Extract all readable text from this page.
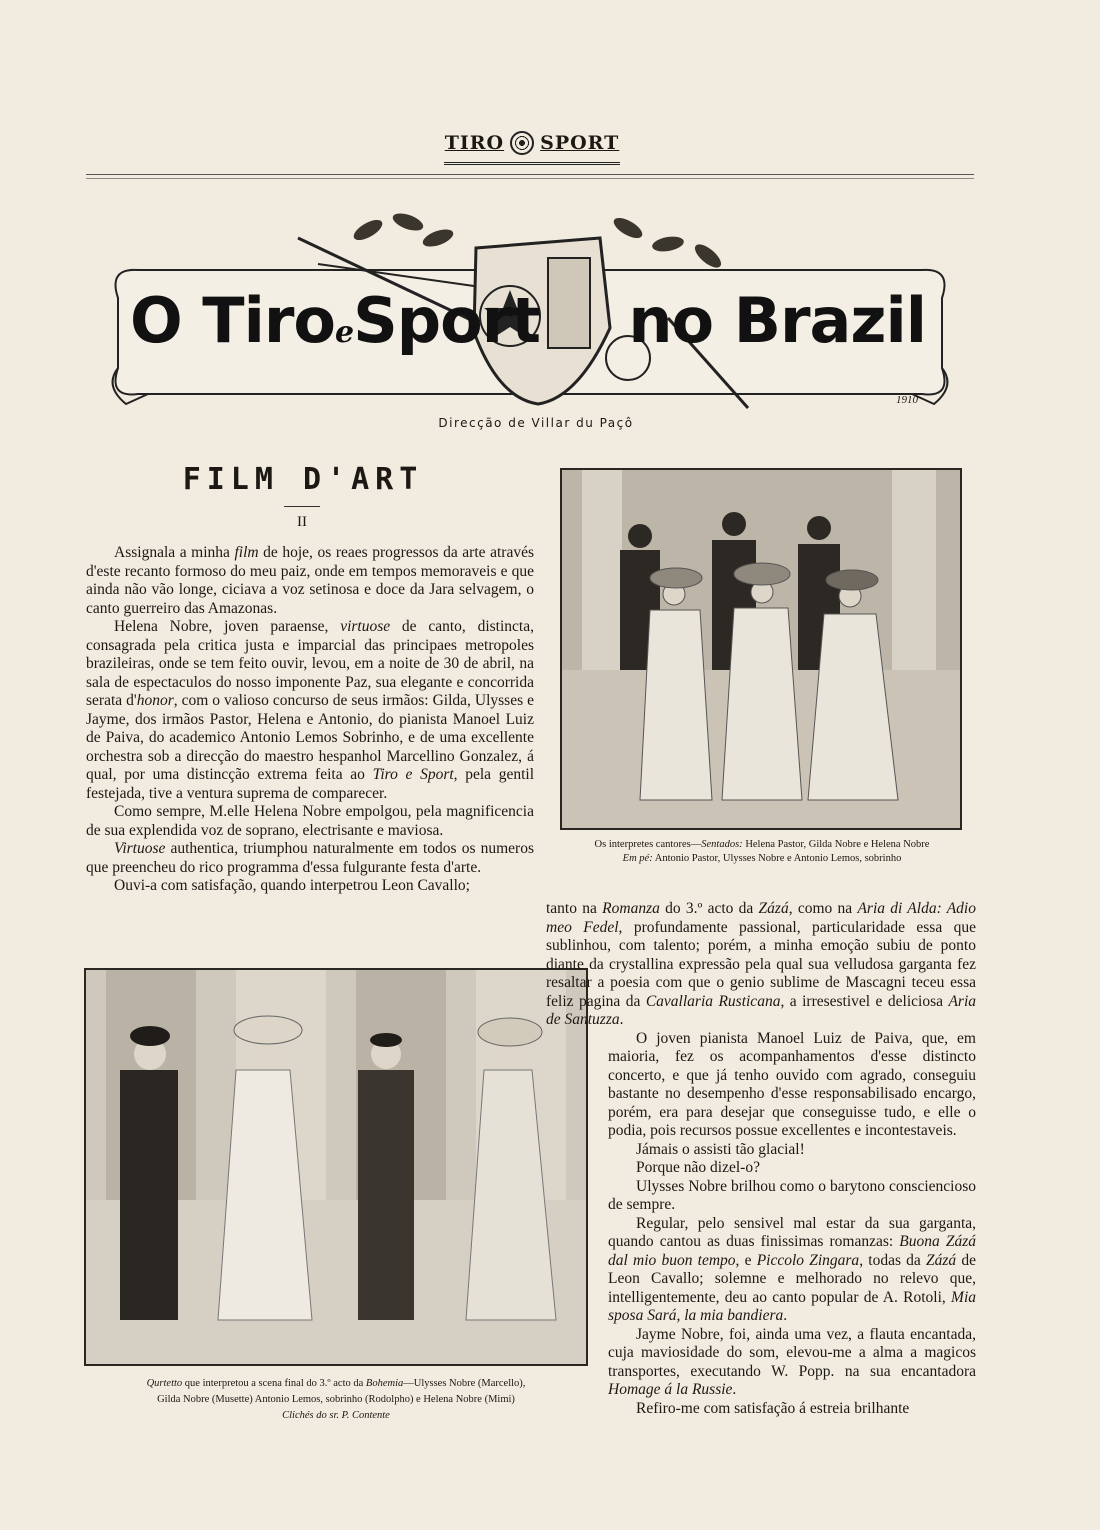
TIRO SPORT
O TiroeSport no Brazil
1910
Direcção de Villar du Paçô
FILM D'ART
II

Assignala a minha film de hoje, os reaes progressos da arte através d'este recanto formoso do meu paiz, onde em tempos memoraveis e que ainda não vão longe, ciciava a voz setinosa e doce da Jara selvagem, o canto guerreiro das Amazonas.

Helena Nobre, joven paraense, virtuose de canto, distincta, consagrada pela critica justa e imparcial das principaes metropoles brazileiras, onde se tem feito ouvir, levou, em a noite de 30 de abril, na sala de espectaculos do nosso imponente Paz, sua elegante e concorrida serata d'honor, com o valioso concurso de seus irmãos: Gilda, Ulysses e Jayme, dos irmãos Pastor, Helena e Antonio, do pianista Manoel Luiz de Paiva, do academico Antonio Lemos Sobrinho, e de uma excellente orchestra sob a direcção do maestro hespanhol Marcellino Gonzalez, á qual, por uma distincção extrema feita ao Tiro e Sport, pela gentil festejada, tive a ventura suprema de comparecer.

Como sempre, M.elle Helena Nobre empolgou, pela magnificencia de sua explendida voz de soprano, electrisante e maviosa.

Virtuose authentica, triumphou naturalmente em todos os numeros que preencheu do rico programma d'essa fulgurante festa d'arte.

Ouvi-a com satisfação, quando interpetrou Leon Cavallo;

Os interpretes cantores—Sentados: Helena Pastor, Gilda Nobre e Helena Nobre
Em pé: Antonio Pastor, Ulysses Nobre e Antonio Lemos, sobrinho
Qurtetto que interpretou a scena final do 3.º acto da Bohemia—Ulysses Nobre (Marcello),
Gilda Nobre (Musette) Antonio Lemos, sobrinho (Rodolpho) e Helena Nobre (Mimi)
Clichés do sr. P. Contente

tanto na Romanza do 3.º acto da Zázá, como na Aria di Alda: Adio meo Fedel, profundamente passional, particularidade essa que sublinhou, com talento; porém, a minha emoção subiu de ponto diante da crystallina expressão pela qual sua velludosa garganta fez resaltar a poesia com que o genio sublime de Mascagni teceu essa feliz pagina da Cavallaria Rusticana, a irresestivel e deliciosa Aria de Santuzza.

O joven pianista Manoel Luiz de Paiva, que, em maioria, fez os acompanhamentos d'esse distincto concerto, e que já tenho ouvido com agrado, conseguiu bastante no desempenho d'esse responsabilisado encargo, porém, era para desejar que conseguisse tudo, e elle o podia, pois recursos possue excellentes e incontestaveis.

Jámais o assisti tão glacial!

Porque não dizel-o?

Ulysses Nobre brilhou como o barytono consciencioso de sempre.

Regular, pelo sensivel mal estar da sua garganta, quando cantou as duas finissimas romanzas: Buona Zázá dal mio buon tempo, e Piccolo Zingara, todas da Zázá de Leon Cavallo; solemne e melhorado no relevo que, intelligentemente, deu ao canto popular de A. Rotoli, Mia sposa Sará, la mia bandiera.

Jayme Nobre, foi, ainda uma vez, a flauta encantada, cuja maviosidade do som, elevou-me a alma a magicos transportes, executando W. Popp. na sua encantadora Homage á la Russie.

Refiro-me com satisfação á estreia brilhante
